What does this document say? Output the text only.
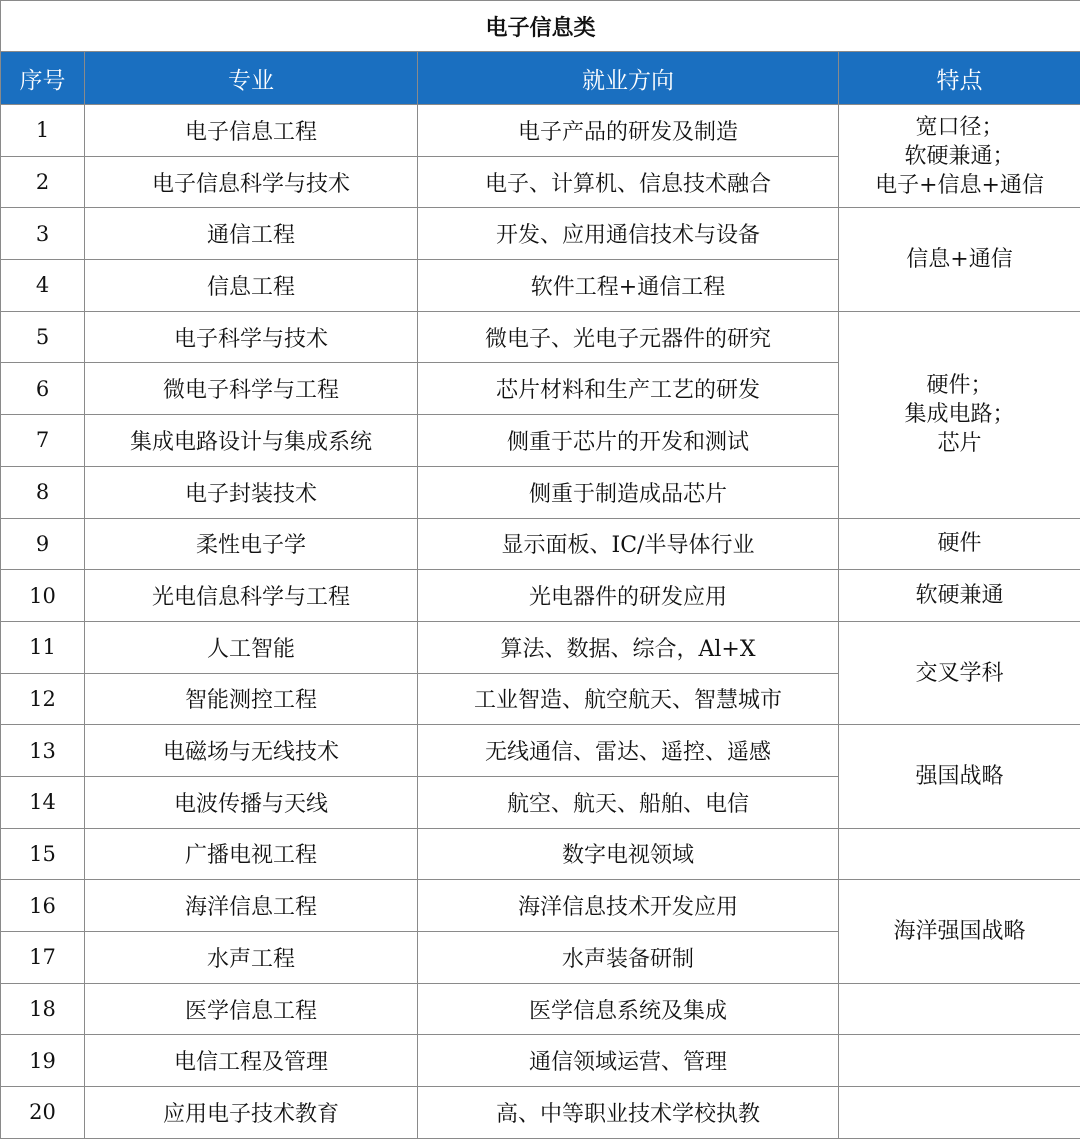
电子信息类			
序号	专业	就业方向	特点
1	电子信息工程	电子产品的研发及制造	宽口径；
软硬兼通；
电子+信息+通信

2	电子信息科学与技术	电子、计算机、信息技术融合	
3	通信工程	开发、应用通信技术与设备	信息+通信
4	信息工程	软件工程+通信工程	
5	电子科学与技术	微电子、光电子元器件的研究	硬件；
集成电路；
芯片

6	微电子科学与工程	芯片材料和生产工艺的研发	
7	集成电路设计与集成系统	侧重于芯片的开发和测试	
8	电子封装技术	侧重于制造成品芯片	
9	柔性电子学	显示面板、IC/半导体行业	硬件
10	光电信息科学与工程	光电器件的研发应用	软硬兼通
11	人工智能	算法、数据、综合，Al+X	交叉学科
12	智能测控工程	工业智造、航空航天、智慧城市	
13	电磁场与无线技术	无线通信、雷达、遥控、遥感	强国战略
14	电波传播与天线	航空、航天、船舶、电信	
15	广播电视工程	数字电视领域	
16	海洋信息工程	海洋信息技术开发应用	海洋强国战略
17	水声工程	水声装备研制	
18	医学信息工程	医学信息系统及集成	
19	电信工程及管理	通信领域运营、管理	
20	应用电子技术教育	高、中等职业技术学校执教	
